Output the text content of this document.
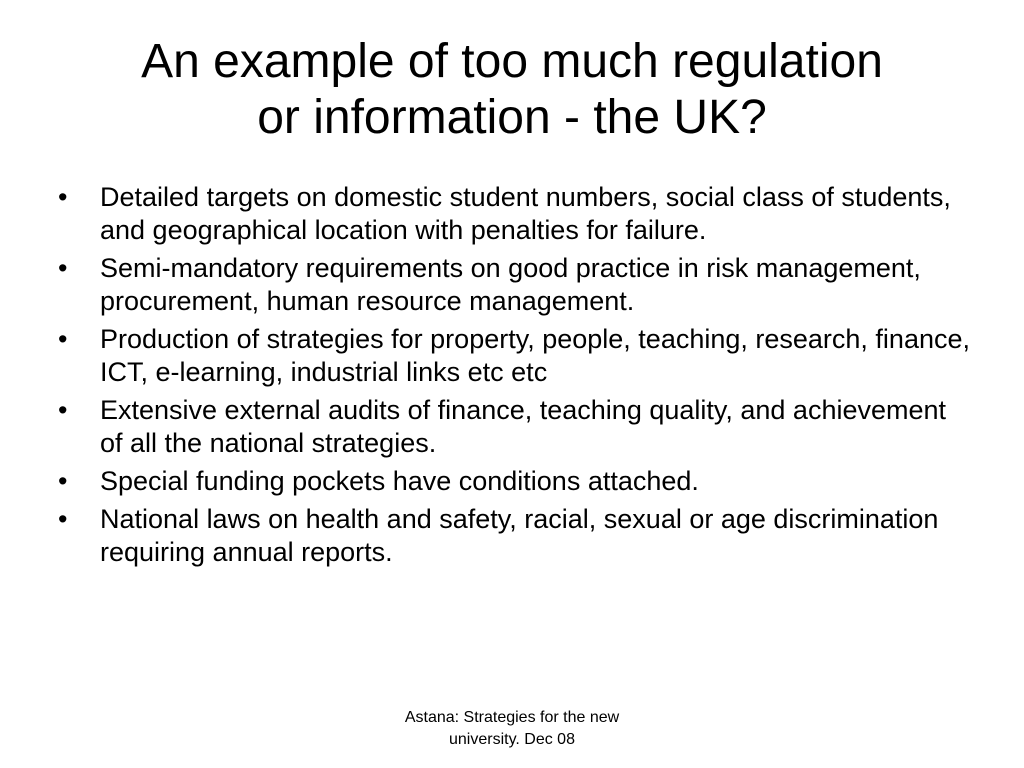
An example of too much regulation
or information - the UK?
• Detailed targets on domestic student numbers, social class of students, and geographical location with penalties for failure.
• Semi-mandatory requirements on good practice in risk management, procurement, human resource management.
• Production of strategies for property, people, teaching, research, finance, ICT, e-learning, industrial links etc etc
• Extensive external audits of finance, teaching quality, and achievement of all the national strategies.
• Special funding pockets have conditions attached.
• National laws on health and safety, racial, sexual or age discrimination requiring annual reports.
Astana: Strategies for the new
university. Dec 08
